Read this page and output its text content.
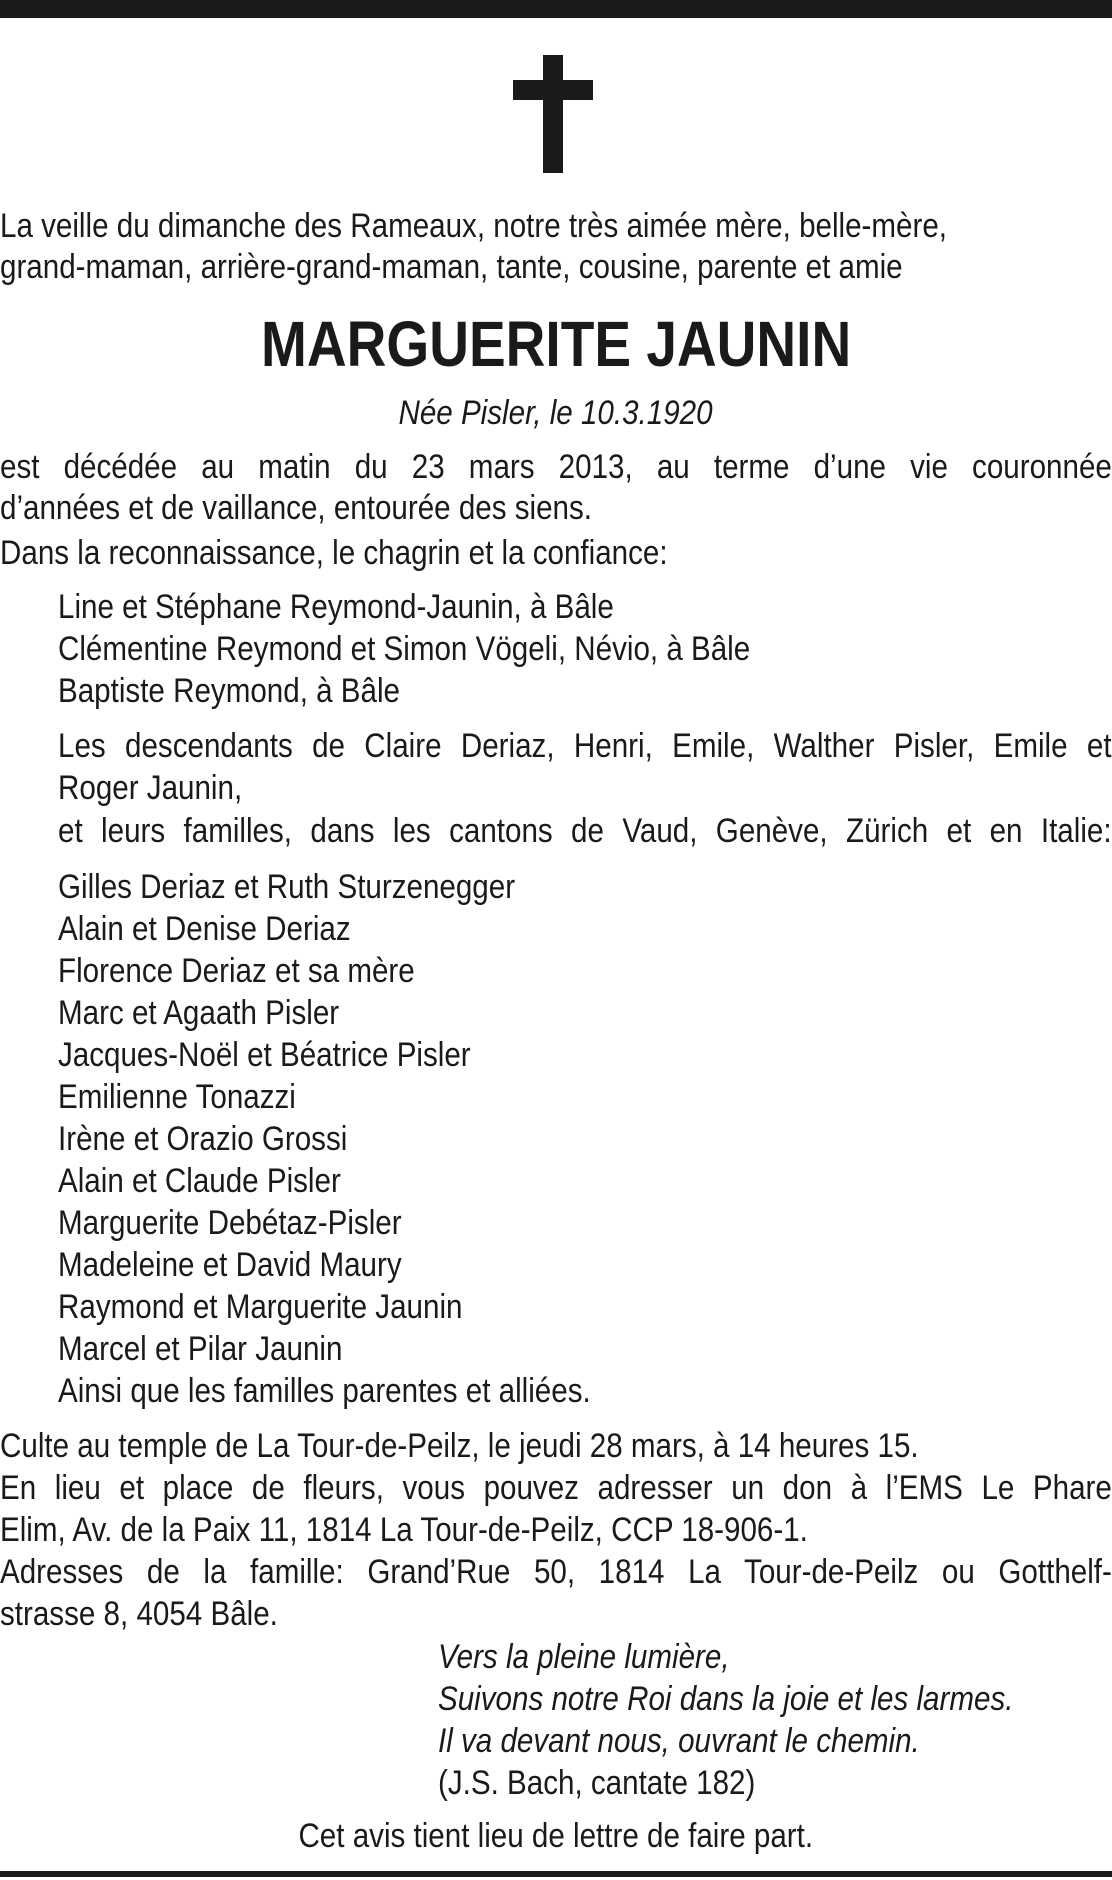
La veille du dimanche des Rameaux, notre très aimée mère, belle-mère,
grand-maman, arrière-grand-maman, tante, cousine, parente et amie
MARGUERITE JAUNIN
Née Pisler, le 10.3.1920
est décédée au matin du 23 mars 2013, au terme d’une vie couronnée
d’années et de vaillance, entourée des siens.
Dans la reconnaissance, le chagrin et la confiance:
Line et Stéphane Reymond-Jaunin, à Bâle
Clémentine Reymond et Simon Vögeli, Névio, à Bâle
Baptiste Reymond, à Bâle
Les descendants de Claire Deriaz, Henri, Emile, Walther Pisler, Emile et
Roger Jaunin,
et leurs familles, dans les cantons de Vaud, Genève, Zürich et en Italie:
Gilles Deriaz et Ruth Sturzenegger
Alain et Denise Deriaz
Florence Deriaz et sa mère
Marc et Agaath Pisler
Jacques-Noël et Béatrice Pisler
Emilienne Tonazzi
Irène et Orazio Grossi
Alain et Claude Pisler
Marguerite Debétaz-Pisler
Madeleine et David Maury
Raymond et Marguerite Jaunin
Marcel et Pilar Jaunin
Ainsi que les familles parentes et alliées.
Culte au temple de La Tour-de-Peilz, le jeudi 28 mars, à 14 heures 15.
En lieu et place de fleurs, vous pouvez adresser un don à l’EMS Le Phare
Elim, Av. de la Paix 11, 1814 La Tour-de-Peilz, CCP 18-906-1.
Adresses de la famille: Grand’Rue 50, 1814 La Tour-de-Peilz ou Gotthelf-
strasse 8, 4054 Bâle.
Vers la pleine lumière,
Suivons notre Roi dans la joie et les larmes.
Il va devant nous, ouvrant le chemin.
(J.S. Bach, cantate 182)
Cet avis tient lieu de lettre de faire part.
